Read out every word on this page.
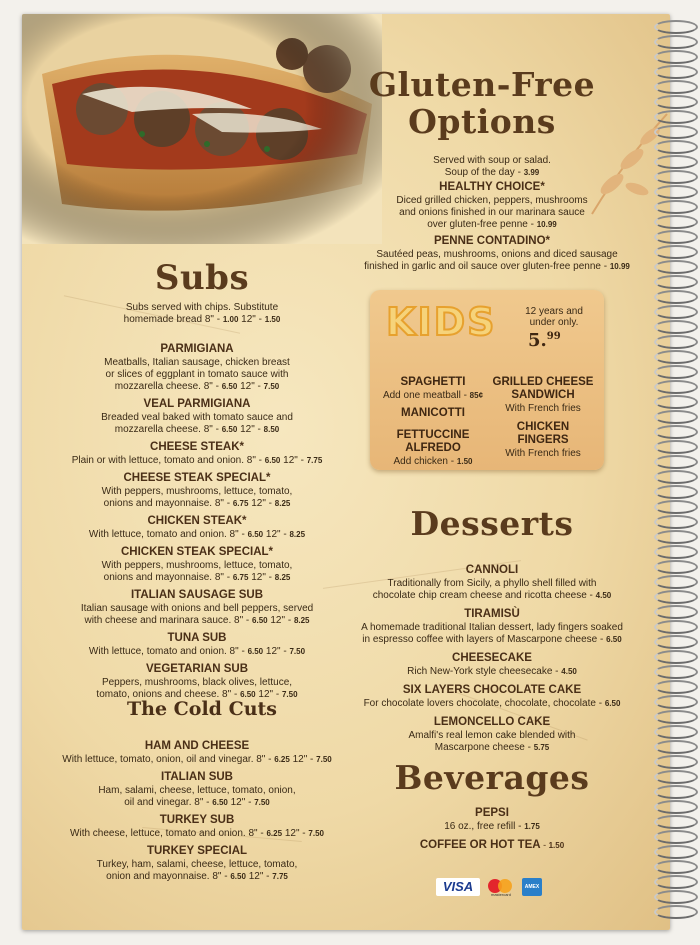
Gluten-Free
Options
Served with soup or salad.
Soup of the day - 3.99
HEALTHY CHOICE*
Diced grilled chicken, peppers, mushrooms
and onions finished in our marinara sauce
over gluten-free penne - 10.99
PENNE CONTADINO*
Sautéed peas, mushrooms, onions and diced sausage
finished in garlic and oil sauce over gluten-free penne - 10.99
Subs
Subs served with chips. Substitute
homemade bread 8" - 1.00 12" - 1.50
The Cold Cuts
KIDS	12 years and
under only.
5.99
SPAGHETTI
Add one meatball - 85¢
MANICOTTI
FETTUCCINE
ALFREDO
Add chicken - 1.50
GRILLED CHEESE
SANDWICH
With French fries
CHICKEN
FINGERS
With French fries
Desserts
Beverages
PEPSI
16 oz., free refill - 1.75
COFFEE OR HOT TEA - 1.50
VISA
mastercard
AMEX
PARMIGIANA
Meatballs, Italian sausage, chicken breast
or slices of eggplant in tomato sauce with
mozzarella cheese. 8" - 6.50 12" - 7.50
VEAL PARMIGIANA
Breaded veal baked with tomato sauce and
mozzarella cheese. 8" - 6.50 12" - 8.50
CHEESE STEAK*
Plain or with lettuce, tomato and onion. 8" - 6.50 12" - 7.75
CHEESE STEAK SPECIAL*
With peppers, mushrooms, lettuce, tomato,
onions and mayonnaise. 8" - 6.75 12" - 8.25
CHICKEN STEAK*
With lettuce, tomato and onion. 8" - 6.50 12" - 8.25
CHICKEN STEAK SPECIAL*
With peppers, mushrooms, lettuce, tomato,
onions and mayonnaise. 8" - 6.75 12" - 8.25
ITALIAN SAUSAGE SUB
Italian sausage with onions and bell peppers, served
with cheese and marinara sauce. 8" - 6.50 12" - 8.25
TUNA SUB
With lettuce, tomato and onion. 8" - 6.50 12" - 7.50
VEGETARIAN SUB
Peppers, mushrooms, black olives, lettuce,
tomato, onions and cheese. 8" - 6.50 12" - 7.50
HAM AND CHEESE
With lettuce, tomato, onion, oil and vinegar. 8" - 6.25 12" - 7.50
ITALIAN SUB
Ham, salami, cheese, lettuce, tomato, onion,
oil and vinegar. 8" - 6.50 12" - 7.50
TURKEY SUB
With cheese, lettuce, tomato and onion. 8" - 6.25 12" - 7.50
TURKEY SPECIAL
Turkey, ham, salami, cheese, lettuce, tomato,
onion and mayonnaise. 8" - 6.50 12" - 7.75
CANNOLI
Traditionally from Sicily, a phyllo shell filled with
chocolate chip cream cheese and ricotta cheese - 4.50
TIRAMISÙ
A homemade traditional Italian dessert, lady fingers soaked
in espresso coffee with layers of Mascarpone cheese - 6.50
CHEESECAKE
Rich New-York style cheesecake - 4.50
SIX LAYERS CHOCOLATE CAKE
For chocolate lovers chocolate, chocolate, chocolate - 6.50
LEMONCELLO CAKE
Amalfi's real lemon cake blended with
Mascarpone cheese - 5.75
